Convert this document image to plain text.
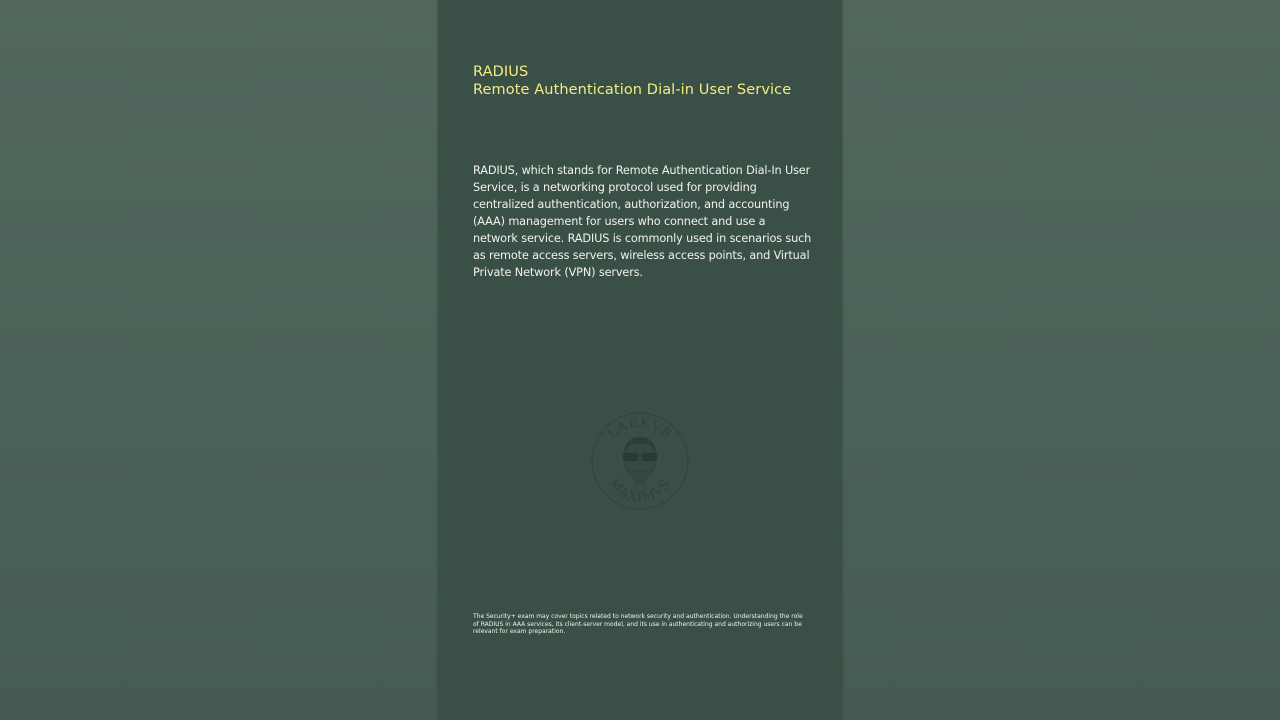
RADIUS
Remote Authentication Dial-in User Service

RADIUS, which stands for Remote Authentication Dial-In User Service, is a networking protocol used for providing centralized authentication, authorization, and accounting (AAA) management for users who connect and use a network service. RADIUS is commonly used in scenarios such as remote access servers, wireless access points, and Virtual Private Network (VPN) servers.

LAEKVS
MAXIMVS

The Security+ exam may cover topics related to network security and authentication. Understanding the role of RADIUS in AAA services, its client-server model, and its use in authenticating and authorizing users can be relevant for exam preparation.
